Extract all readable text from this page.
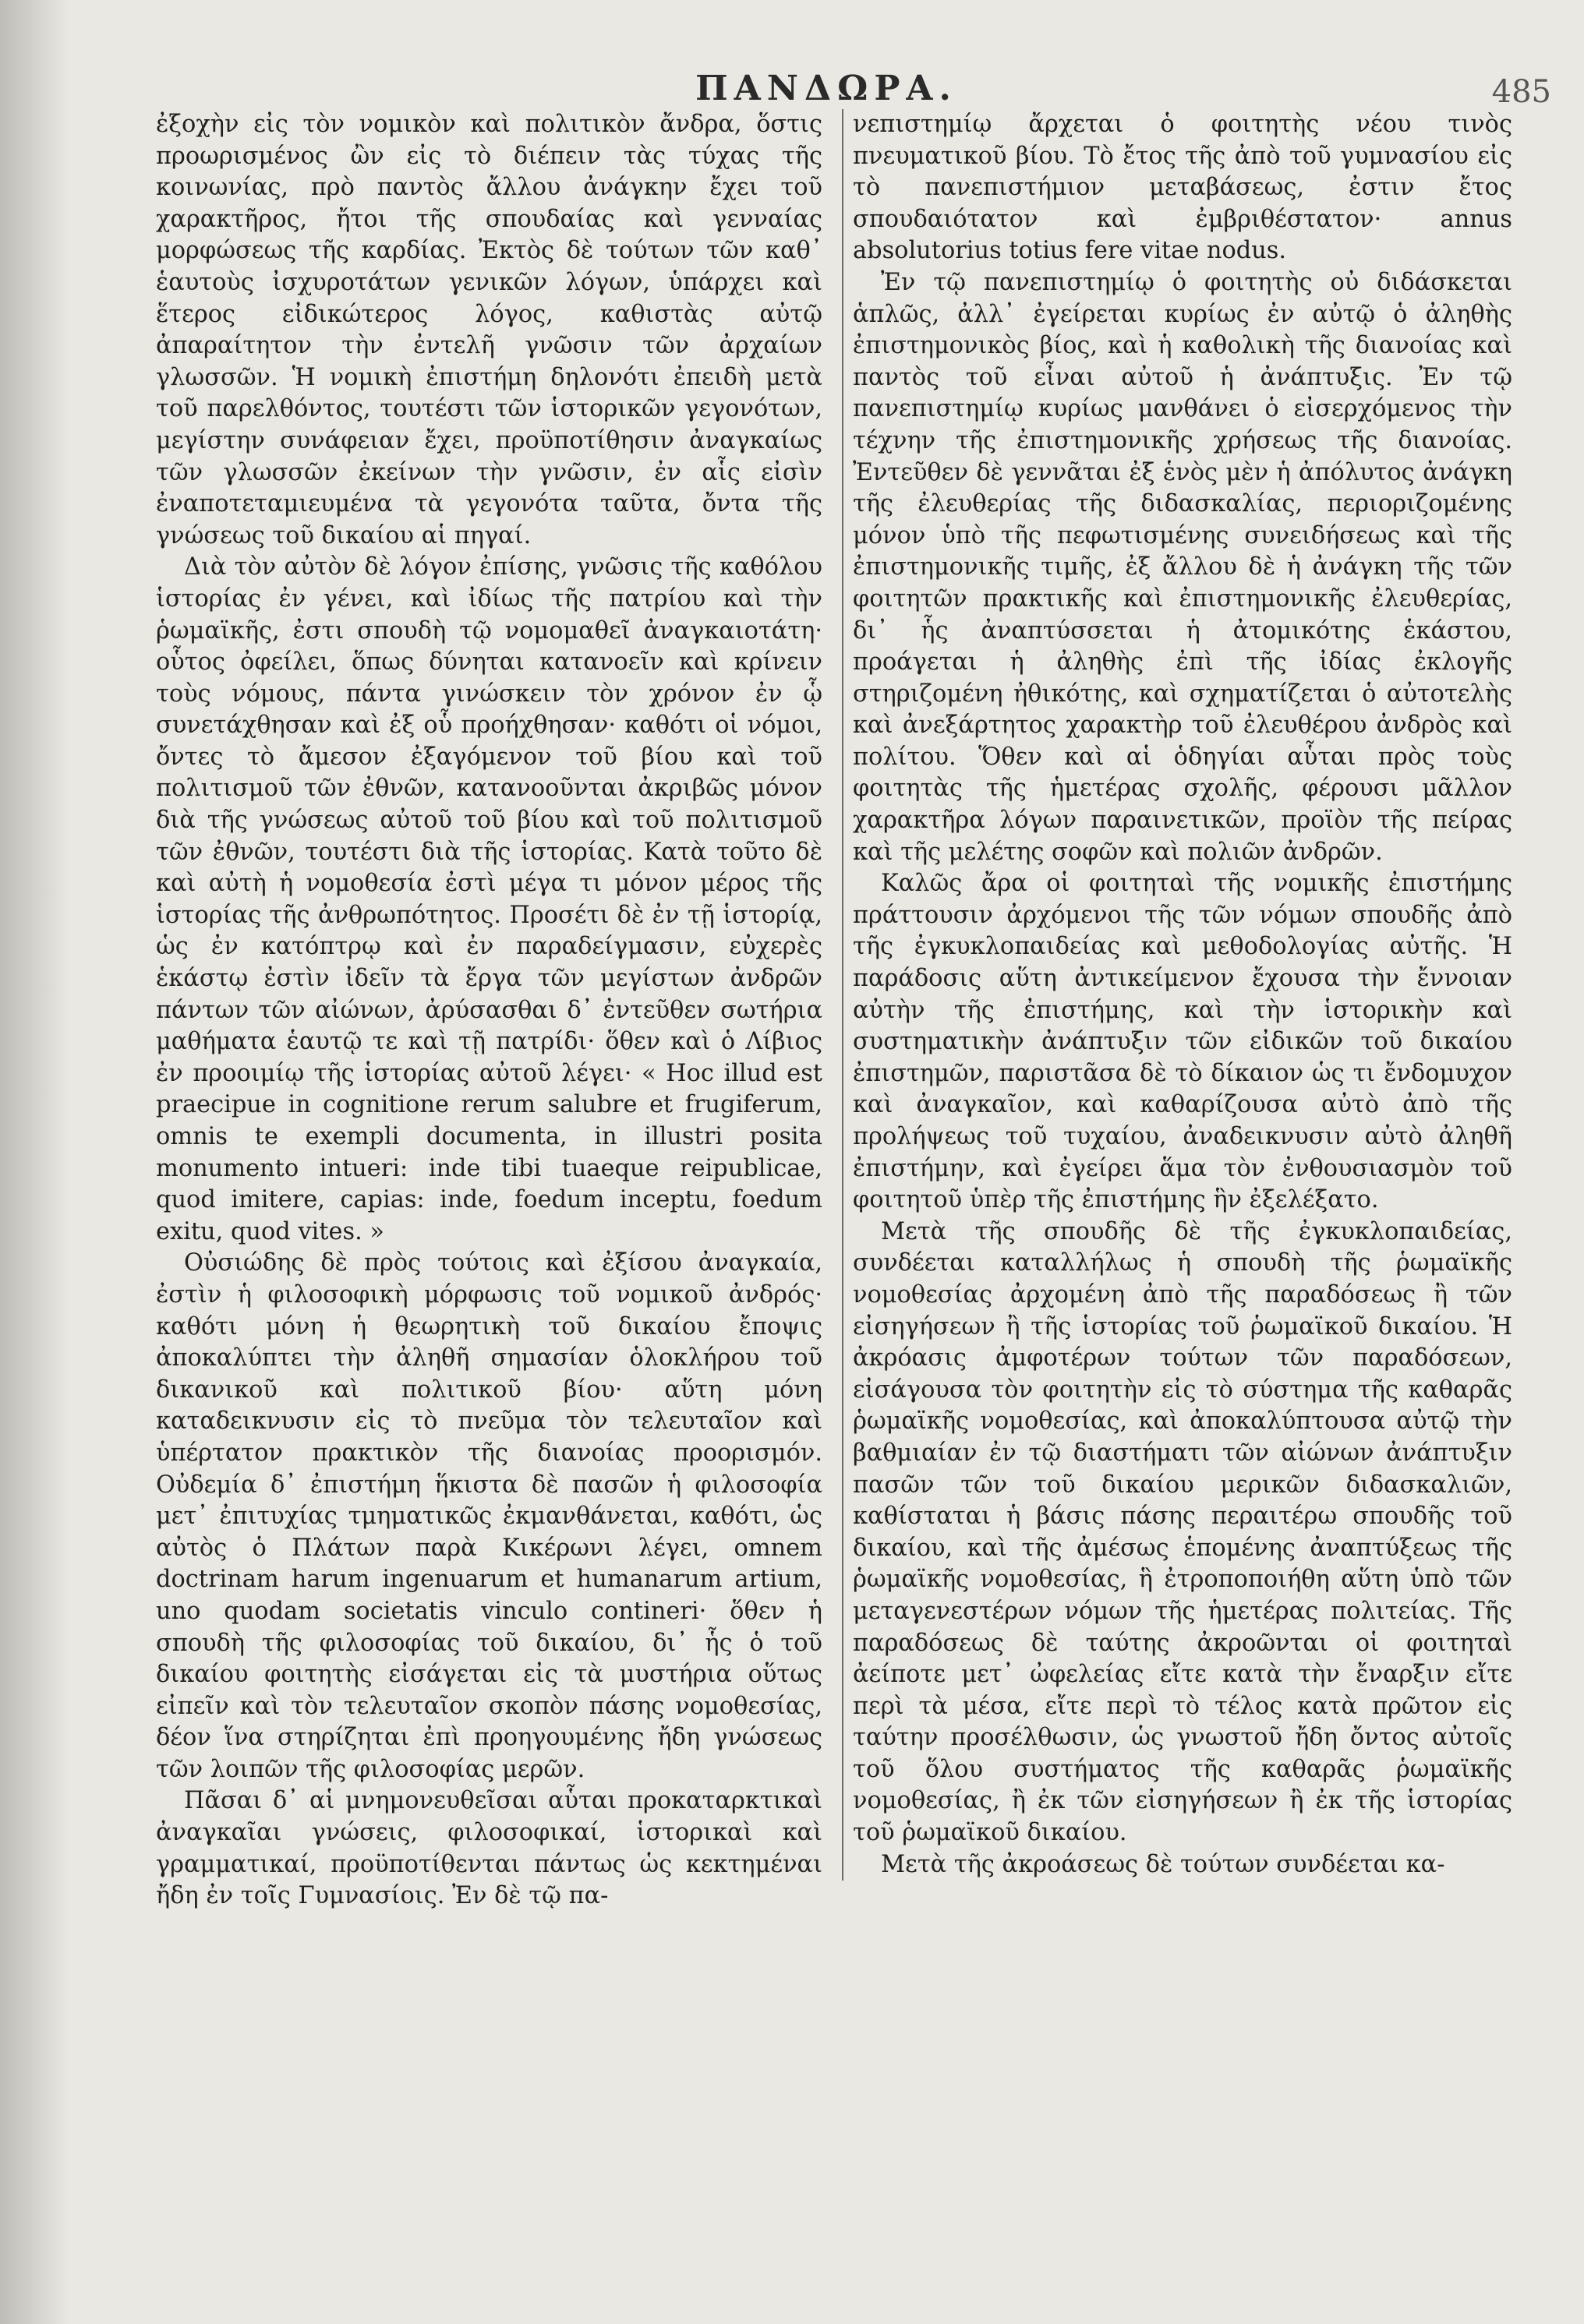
ΠΑΝΔΩΡΑ.	485

ἐξοχὴν εἰς τὸν νομικὸν καὶ πολιτικὸν ἄνδρα, ὅστις προωρισμένος ὢν εἰς τὸ διέπειν τὰς τύχας τῆς κοινωνίας, πρὸ παντὸς ἄλλου ἀνάγκην ἔχει τοῦ χαρακτῆρος, ἤτοι τῆς σπουδαίας καὶ γενναίας μορφώσεως τῆς καρδίας. Ἐκτὸς δὲ τούτων τῶν καθ᾽ ἑαυτοὺς ἰσχυροτάτων γενικῶν λόγων, ὑπάρχει καὶ ἕτερος εἰδικώτερος λόγος, καθιστὰς αὐτῷ ἀπαραίτητον τὴν ἐντελῆ γνῶσιν τῶν ἀρχαίων γλωσσῶν. Ἡ νομικὴ ἐπιστήμη δηλονότι ἐπειδὴ μετὰ τοῦ παρελθόντος, τουτέστι τῶν ἱστορικῶν γεγονότων, μεγίστην συνάφειαν ἔχει, προϋποτίθησιν ἀναγκαίως τῶν γλωσσῶν ἐκείνων τὴν γνῶσιν, ἐν αἷς εἰσὶν ἐναποτεταμιευμένα τὰ γεγονότα ταῦτα, ὄντα τῆς γνώσεως τοῦ δικαίου αἱ πηγαί.

Διὰ τὸν αὐτὸν δὲ λόγον ἐπίσης, γνῶσις τῆς καθόλου ἱστορίας ἐν γένει, καὶ ἰδίως τῆς πατρίου καὶ τὴν ῥωμαϊκῆς, ἐστι σπουδὴ τῷ νομομαθεῖ ἀναγκαιοτάτη· οὗτος ὀφείλει, ὅπως δύνηται κατανοεῖν καὶ κρίνειν τοὺς νόμους, πάντα γινώσκειν τὸν χρόνον ἐν ᾧ συνετάχθησαν καὶ ἐξ οὗ προήχθησαν· καθότι οἱ νόμοι, ὄντες τὸ ἄμεσον ἐξαγόμενον τοῦ βίου καὶ τοῦ πολιτισμοῦ τῶν ἐθνῶν, κατανοοῦνται ἀκριβῶς μόνον διὰ τῆς γνώσεως αὐτοῦ τοῦ βίου καὶ τοῦ πολιτισμοῦ τῶν ἐθνῶν, τουτέστι διὰ τῆς ἱστορίας. Κατὰ τοῦτο δὲ καὶ αὐτὴ ἡ νομοθεσία ἐστὶ μέγα τι μόνον μέρος τῆς ἱστορίας τῆς ἀνθρωπότητος. Προσέτι δὲ ἐν τῇ ἱστορίᾳ, ὡς ἐν κατόπτρῳ καὶ ἐν παραδείγμασιν, εὐχερὲς ἑκάστῳ ἐστὶν ἰδεῖν τὰ ἔργα τῶν μεγίστων ἀνδρῶν πάντων τῶν αἰώνων, ἀρύσασθαι δ᾽ ἐντεῦθεν σωτήρια μαθήματα ἑαυτῷ τε καὶ τῇ πατρίδι· ὅθεν καὶ ὁ Λίβιος ἐν προοιμίῳ τῆς ἱστορίας αὐτοῦ λέγει· « Hoc illud est praecipue in cognitione rerum salubre et frugiferum, omnis te exempli documenta, in illustri posita monumento intueri: inde tibi tuaeque reipublicae, quod imitere, capias: inde, foedum inceptu, foedum exitu, quod vites. »

Οὐσιώδης δὲ πρὸς τούτοις καὶ ἐξίσου ἀναγκαία, ἐστὶν ἡ φιλοσοφικὴ μόρφωσις τοῦ νομικοῦ ἀνδρός· καθότι μόνη ἡ θεωρητικὴ τοῦ δικαίου ἔποψις ἀποκαλύπτει τὴν ἀληθῆ σημασίαν ὁλοκλήρου τοῦ δικανικοῦ καὶ πολιτικοῦ βίου· αὕτη μόνη καταδεικνυσιν εἰς τὸ πνεῦμα τὸν τελευταῖον καὶ ὑπέρτατον πρακτικὸν τῆς διανοίας προορισμόν. Οὐδεμία δ᾽ ἐπιστήμη ἥκιστα δὲ πασῶν ἡ φιλοσοφία μετ᾽ ἐπιτυχίας τμηματικῶς ἐκμανθάνεται, καθότι, ὡς αὐτὸς ὁ Πλάτων παρὰ Κικέρωνι λέγει, omnem doctrinam harum ingenuarum et humanarum artium, uno quodam societatis vinculo contineri· ὅθεν ἡ σπουδὴ τῆς φιλοσοφίας τοῦ δικαίου, δι᾽ ἧς ὁ τοῦ δικαίου φοιτητὴς εἰσάγεται εἰς τὰ μυστήρια οὕτως εἰπεῖν καὶ τὸν τελευταῖον σκοπὸν πάσης νομοθεσίας, δέον ἵνα στηρίζηται ἐπὶ προηγουμένης ἤδη γνώσεως τῶν λοιπῶν τῆς φιλοσοφίας μερῶν.

Πᾶσαι δ᾽ αἱ μνημονευθεῖσαι αὗται προκαταρκτικαὶ ἀναγκαῖαι γνώσεις, φιλοσοφικαί, ἱστορικαὶ καὶ γραμματικαί, προϋποτίθενται πάντως ὡς κεκτημέναι ἤδη ἐν τοῖς Γυμνασίοις. Ἐν δὲ τῷ πα-

νεπιστημίῳ ἄρχεται ὁ φοιτητὴς νέου τινὸς πνευματικοῦ βίου. Τὸ ἔτος τῆς ἀπὸ τοῦ γυμνασίου εἰς τὸ πανεπιστήμιον μεταβάσεως, ἐστιν ἔτος σπουδαιότατον καὶ ἐμβριθέστατον· annus absolutorius totius fere vitae nodus.

Ἐν τῷ πανεπιστημίῳ ὁ φοιτητὴς οὐ διδάσκεται ἁπλῶς, ἀλλ᾽ ἐγείρεται κυρίως ἐν αὐτῷ ὁ ἀληθὴς ἐπιστημονικὸς βίος, καὶ ἡ καθολικὴ τῆς διανοίας καὶ παντὸς τοῦ εἶναι αὐτοῦ ἡ ἀνάπτυξις. Ἐν τῷ πανεπιστημίῳ κυρίως μανθάνει ὁ εἰσερχόμενος τὴν τέχνην τῆς ἐπιστημονικῆς χρήσεως τῆς διανοίας. Ἐντεῦθεν δὲ γεννᾶται ἐξ ἑνὸς μὲν ἡ ἀπόλυτος ἀνάγκη τῆς ἐλευθερίας τῆς διδασκαλίας, περιοριζομένης μόνον ὑπὸ τῆς πεφωτισμένης συνειδήσεως καὶ τῆς ἐπιστημονικῆς τιμῆς, ἐξ ἄλλου δὲ ἡ ἀνάγκη τῆς τῶν φοιτητῶν πρακτικῆς καὶ ἐπιστημονικῆς ἐλευθερίας, δι᾽ ἧς ἀναπτύσσεται ἡ ἀτομικότης ἑκάστου, προάγεται ἡ ἀληθὴς ἐπὶ τῆς ἰδίας ἐκλογῆς στηριζομένη ἠθικότης, καὶ σχηματίζεται ὁ αὐτοτελὴς καὶ ἀνεξάρτητος χαρακτὴρ τοῦ ἐλευθέρου ἀνδρὸς καὶ πολίτου. Ὅθεν καὶ αἱ ὁδηγίαι αὗται πρὸς τοὺς φοιτητὰς τῆς ἡμετέρας σχολῆς, φέρουσι μᾶλλον χαρακτῆρα λόγων παραινετικῶν, προϊὸν τῆς πείρας καὶ τῆς μελέτης σοφῶν καὶ πολιῶν ἀνδρῶν.

Καλῶς ἄρα οἱ φοιτηταὶ τῆς νομικῆς ἐπιστήμης πράττουσιν ἀρχόμενοι τῆς τῶν νόμων σπουδῆς ἀπὸ τῆς ἐγκυκλοπαιδείας καὶ μεθοδολογίας αὐτῆς. Ἡ παράδοσις αὕτη ἀντικείμενον ἔχουσα τὴν ἔννοιαν αὐτὴν τῆς ἐπιστήμης, καὶ τὴν ἱστορικὴν καὶ συστηματικὴν ἀνάπτυξιν τῶν εἰδικῶν τοῦ δικαίου ἐπιστημῶν, παριστᾶσα δὲ τὸ δίκαιον ὡς τι ἔνδομυχον καὶ ἀναγκαῖον, καὶ καθαρίζουσα αὐτὸ ἀπὸ τῆς προλήψεως τοῦ τυχαίου, ἀναδεικνυσιν αὐτὸ ἀληθῆ ἐπιστήμην, καὶ ἐγείρει ἅμα τὸν ἐνθουσιασμὸν τοῦ φοιτητοῦ ὑπὲρ τῆς ἐπιστήμης ἣν ἐξελέξατο.

Μετὰ τῆς σπουδῆς δὲ τῆς ἐγκυκλοπαιδείας, συνδέεται καταλλήλως ἡ σπουδὴ τῆς ῥωμαϊκῆς νομοθεσίας ἀρχομένη ἀπὸ τῆς παραδόσεως ἢ τῶν εἰσηγήσεων ἢ τῆς ἱστορίας τοῦ ῥωμαϊκοῦ δικαίου. Ἡ ἀκρόασις ἀμφοτέρων τούτων τῶν παραδόσεων, εἰσάγουσα τὸν φοιτητὴν εἰς τὸ σύστημα τῆς καθαρᾶς ῥωμαϊκῆς νομοθεσίας, καὶ ἀποκαλύπτουσα αὐτῷ τὴν βαθμιαίαν ἐν τῷ διαστήματι τῶν αἰώνων ἀνάπτυξιν πασῶν τῶν τοῦ δικαίου μερικῶν διδασκαλιῶν, καθίσταται ἡ βάσις πάσης περαιτέρω σπουδῆς τοῦ δικαίου, καὶ τῆς ἀμέσως ἑπομένης ἀναπτύξεως τῆς ῥωμαϊκῆς νομοθεσίας, ἣ ἐτροποποιήθη αὕτη ὑπὸ τῶν μεταγενεστέρων νόμων τῆς ἡμετέρας πολιτείας. Τῆς παραδόσεως δὲ ταύτης ἀκροῶνται οἱ φοιτηταὶ ἀείποτε μετ᾽ ὠφελείας εἴτε κατὰ τὴν ἔναρξιν εἴτε περὶ τὰ μέσα, εἴτε περὶ τὸ τέλος κατὰ πρῶτον εἰς ταύτην προσέλθωσιν, ὡς γνωστοῦ ἤδη ὄντος αὐτοῖς τοῦ ὅλου συστήματος τῆς καθαρᾶς ῥωμαϊκῆς νομοθεσίας, ἢ ἐκ τῶν εἰσηγήσεων ἢ ἐκ τῆς ἱστορίας τοῦ ῥωμαϊκοῦ δικαίου.

Μετὰ τῆς ἀκροάσεως δὲ τούτων συνδέεται κα-
